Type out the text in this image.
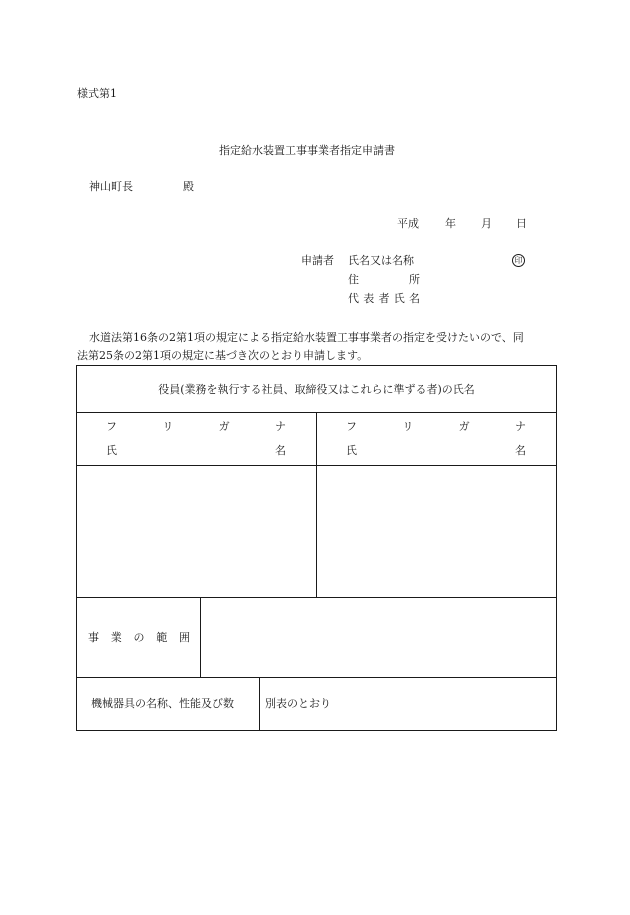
様式第1
指定給水装置工事事業者指定申請書
神山町長	殿
平成 年 月 日
申請者 氏名又は名称	印
住	所
代 表 者 氏 名
水道法第16条の2第1項の規定による指定給水装置工事事業者の指定を受けたいので、同
法第25条の2第1項の規定に基づき次のとおり申請します。
役員(業務を執行する社員、取締役又はこれらに準ずる者)の氏名
フ	リ	ガ	ナ
氏	名
フ	リ	ガ	ナ
氏	名
事 業 の 範 囲
機械器具の名称、性能及び数	別表のとおり
